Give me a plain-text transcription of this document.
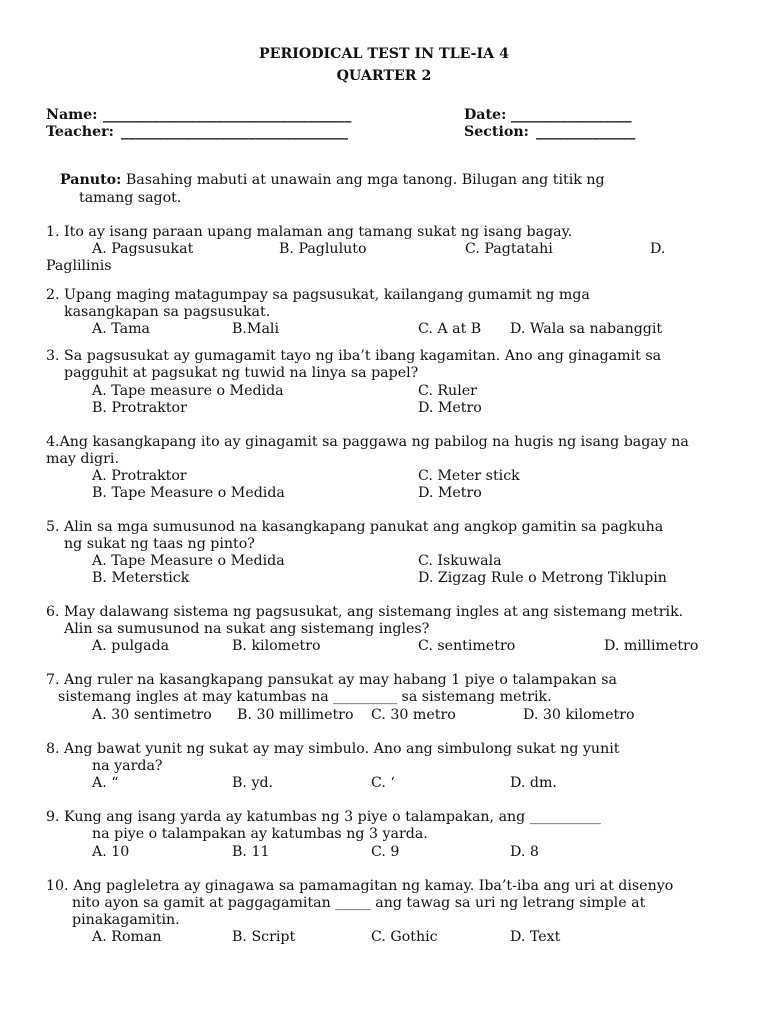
PERIODICAL TEST IN TLE-IA 4
QUARTER 2
Name: ___________________________________	Date: _________________
Teacher: ________________________________	Section: ______________
Panuto: Basahing mabuti at unawain ang mga tanong. Bilugan ang titik ng
tamang sagot.
1. Ito ay isang paraan upang malaman ang tamang sukat ng isang bagay.
A. Pagsusukat	B. Pagluluto	C. Pagtatahi	D.
Paglilinis
2. Upang maging matagumpay sa pagsusukat, kailangang gumamit ng mga
kasangkapan sa pagsusukat.
A. Tama	B.Mali	C. A at B D. Wala sa nabanggit
3. Sa pagsusukat ay gumagamit tayo ng iba’t ibang kagamitan. Ano ang ginagamit sa
pagguhit at pagsukat ng tuwid na linya sa papel?
A. Tape measure o Medida	C. Ruler
B. Protraktor	D. Metro
4.Ang kasangkapang ito ay ginagamit sa paggawa ng pabilog na hugis ng isang bagay na
may digri.
A. Protraktor	C. Meter stick
B. Tape Measure o Medida	D. Metro
5. Alin sa mga sumusunod na kasangkapang panukat ang angkop gamitin sa pagkuha
ng sukat ng taas ng pinto?
A. Tape Measure o Medida	C. Iskuwala
B. Meterstick	D. Zigzag Rule o Metrong Tiklupin
6. May dalawang sistema ng pagsusukat, ang sistemang ingles at ang sistemang metrik.
Alin sa sumusunod na sukat ang sistemang ingles?
A. pulgada	B. kilometro	C. sentimetro	D. millimetro
7. Ang ruler na kasangkapang pansukat ay may habang 1 piye o talampakan sa
sistemang ingles at may katumbas na _________ sa sistemang metrik.
A. 30 sentimetro B. 30 millimetro C. 30 metro	D. 30 kilometro
8. Ang bawat yunit ng sukat ay may simbulo. Ano ang simbulong sukat ng yunit
na yarda?
A. “	B. yd.	C. ‘	D. dm.
9. Kung ang isang yarda ay katumbas ng 3 piye o talampakan, ang __________
na piye o talampakan ay katumbas ng 3 yarda.
A. 10	B. 11	C. 9	D. 8
10. Ang pagleletra ay ginagawa sa pamamagitan ng kamay. Iba’t-iba ang uri at disenyo
nito ayon sa gamit at paggagamitan _____ ang tawag sa uri ng letrang simple at
pinakagamitin.
A. Roman	B. Script	C. Gothic	D. Text
